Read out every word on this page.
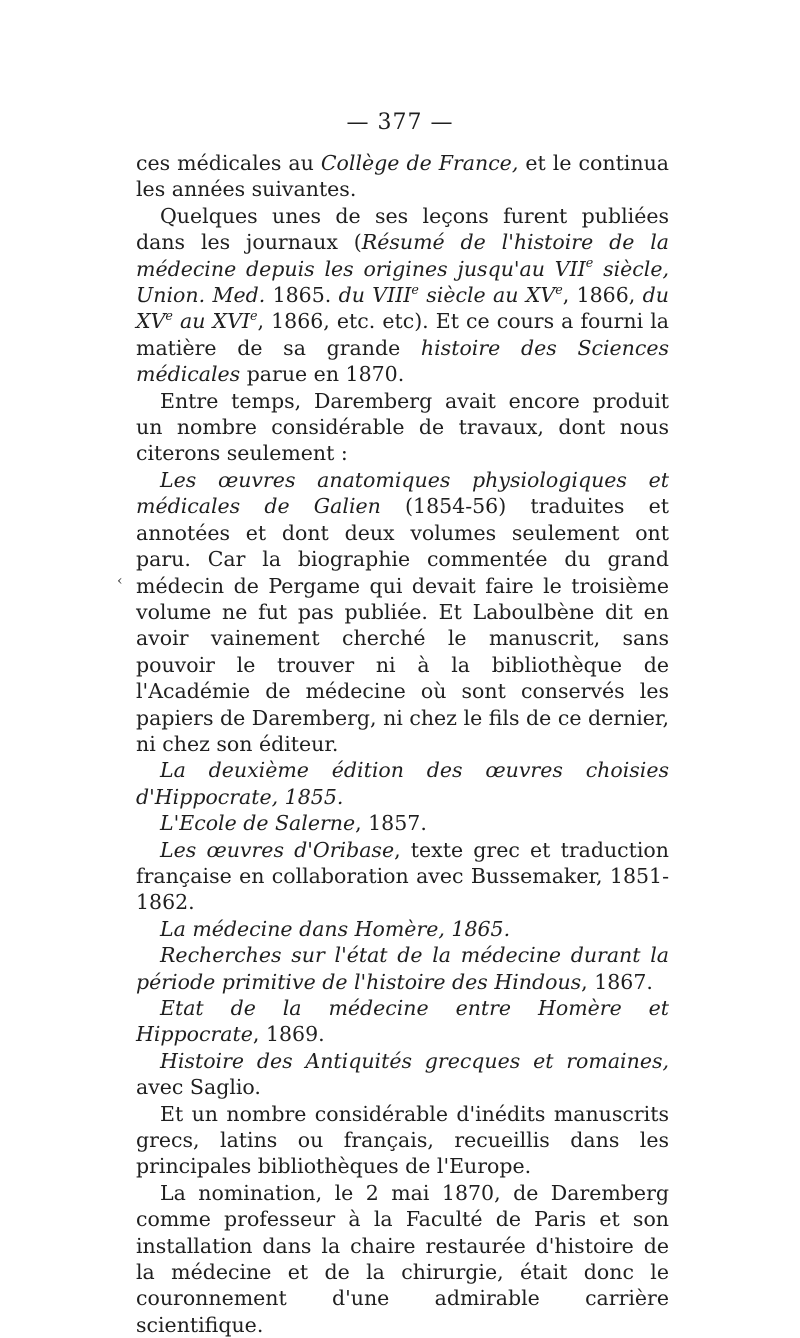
— 377 —

ces médicales au Collège de France, et le continua les années suivantes.

Quelques unes de ses leçons furent publiées dans les journaux (Résumé de l'histoire de la médecine depuis les origines jusqu'au VIIe siècle, Union. Med. 1865. du VIIIe siècle au XVe, 1866, du XVe au XVIe, 1866, etc. etc). Et ce cours a fourni la matière de sa grande histoire des Sciences médicales parue en 1870.

Entre temps, Daremberg avait encore produit un nombre considérable de travaux, dont nous citerons seulement :

Les œuvres anatomiques physiologiques et médicales de Galien (1854-56) traduites et annotées et dont deux volumes seulement ont paru. Car la biographie commentée du grand médecin de Pergame qui devait faire le troisième volume ne fut pas publiée. Et Laboulbène dit en avoir vainement cherché le manuscrit, sans pouvoir le trouver ni à la bibliothèque de l'Académie de médecine où sont conservés les papiers de Daremberg, ni chez le fils de ce dernier, ni chez son éditeur.

La deuxième édition des œuvres choisies d'Hippocrate, 1855.

L'Ecole de Salerne, 1857.

Les œuvres d'Oribase, texte grec et traduction française en collaboration avec Bussemaker, 1851-1862.

La médecine dans Homère, 1865.

Recherches sur l'état de la médecine durant la période primitive de l'histoire des Hindous, 1867.

Etat de la médecine entre Homère et Hippocrate, 1869.

Histoire des Antiquités grecques et romaines, avec Saglio.

Et un nombre considérable d'inédits manuscrits grecs, latins ou français, recueillis dans les principales bibliothèques de l'Europe.

La nomination, le 2 mai 1870, de Daremberg comme professeur à la Faculté de Paris et son installation dans la chaire restaurée d'histoire de la médecine et de la chirurgie, était donc le couronnement d'une admirable carrière scientifique.

‹
